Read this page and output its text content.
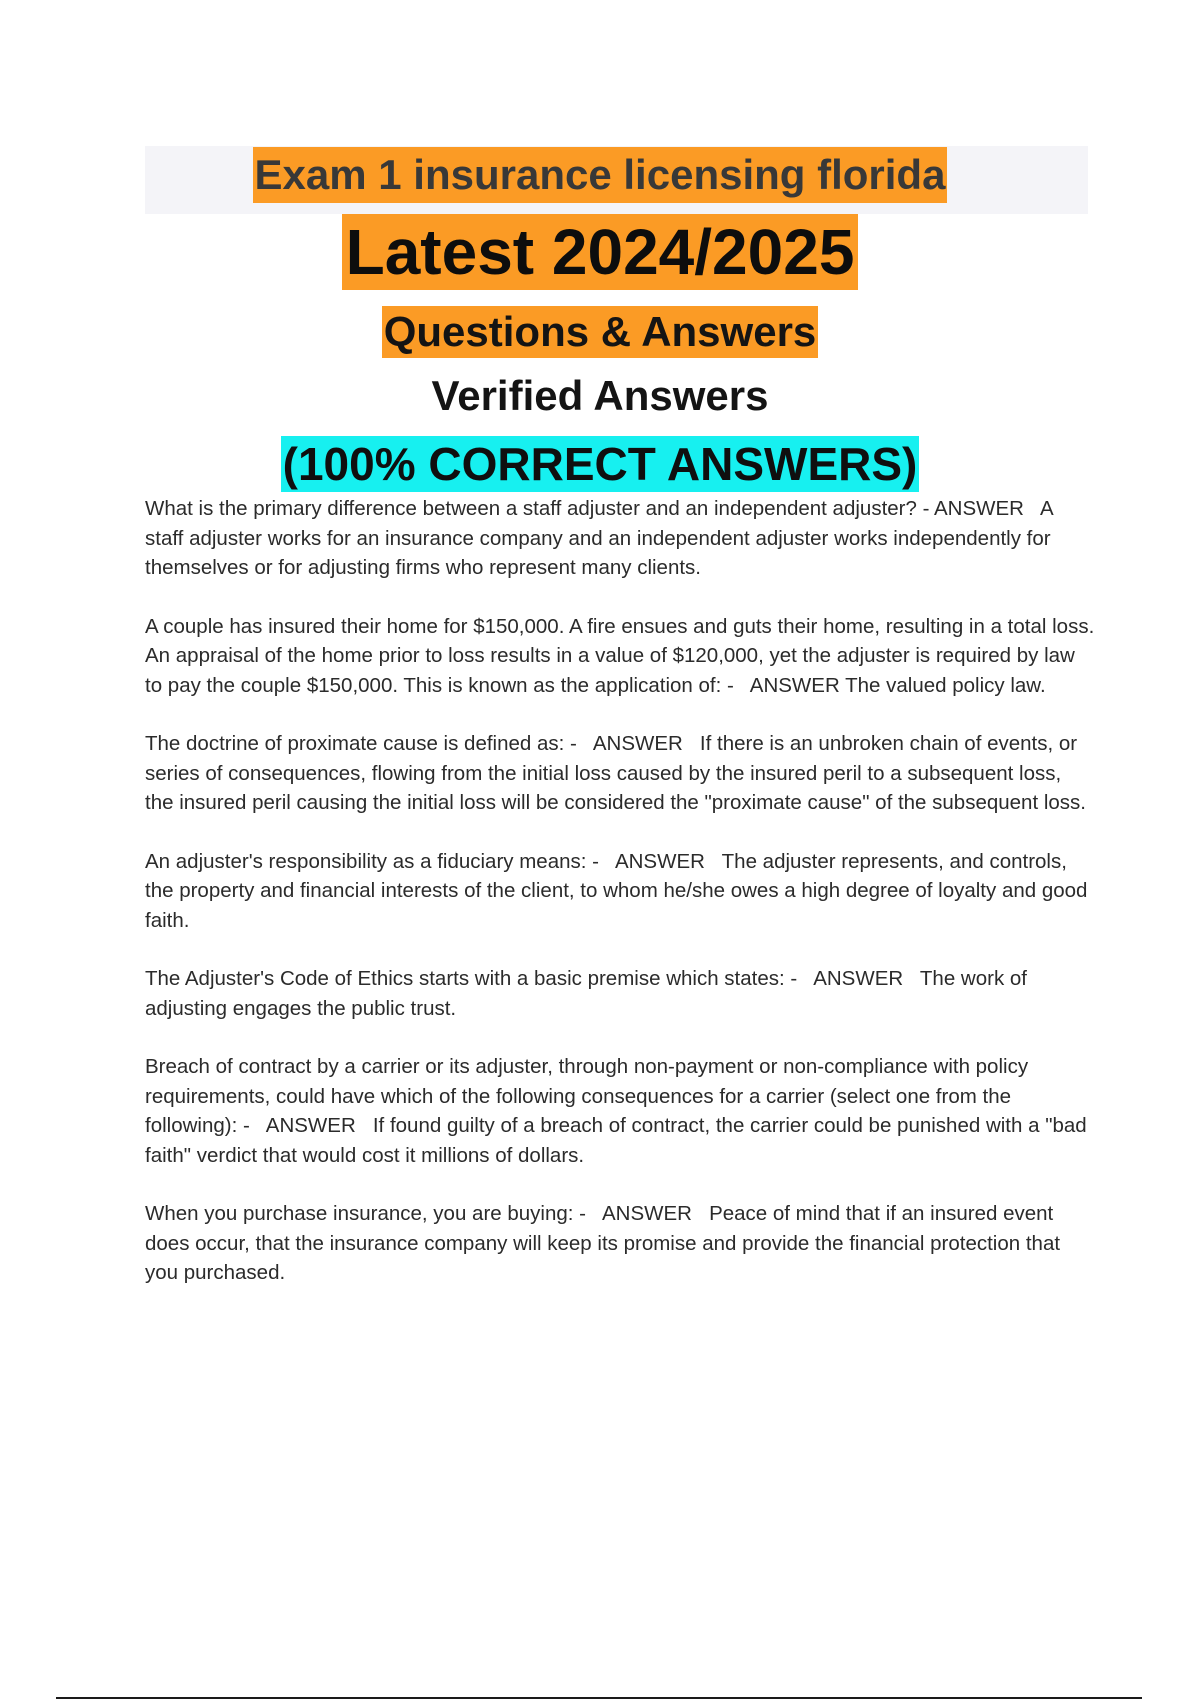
Exam 1 insurance licensing florida
Latest 2024/2025
Questions & Answers
Verified Answers
(100% CORRECT ANSWERS)

What is the primary difference between a staff adjuster and an independent adjuster? - ANSWER A staff adjuster works for an insurance company and an independent adjuster works independently for themselves or for adjusting firms who represent many clients.

A couple has insured their home for $150,000. A fire ensues and guts their home, resulting in a total loss. An appraisal of the home prior to loss results in a value of $120,000, yet the adjuster is required by law to pay the couple $150,000. This is known as the application of: - ANSWER The valued policy law.

The doctrine of proximate cause is defined as: - ANSWER If there is an unbroken chain of events, or series of consequences, flowing from the initial loss caused by the insured peril to a subsequent loss, the insured peril causing the initial loss will be considered the "proximate cause" of the subsequent loss.

An adjuster's responsibility as a fiduciary means: - ANSWER The adjuster represents, and controls, the property and financial interests of the client, to whom he/she owes a high degree of loyalty and good faith.

The Adjuster's Code of Ethics starts with a basic premise which states: - ANSWER The work of adjusting engages the public trust.

Breach of contract by a carrier or its adjuster, through non-payment or non-compliance with policy requirements, could have which of the following consequences for a carrier (select one from the following): - ANSWER If found guilty of a breach of contract, the carrier could be punished with a "bad faith" verdict that would cost it millions of dollars.

When you purchase insurance, you are buying: - ANSWER Peace of mind that if an insured event does occur, that the insurance company will keep its promise and provide the financial protection that you purchased.
